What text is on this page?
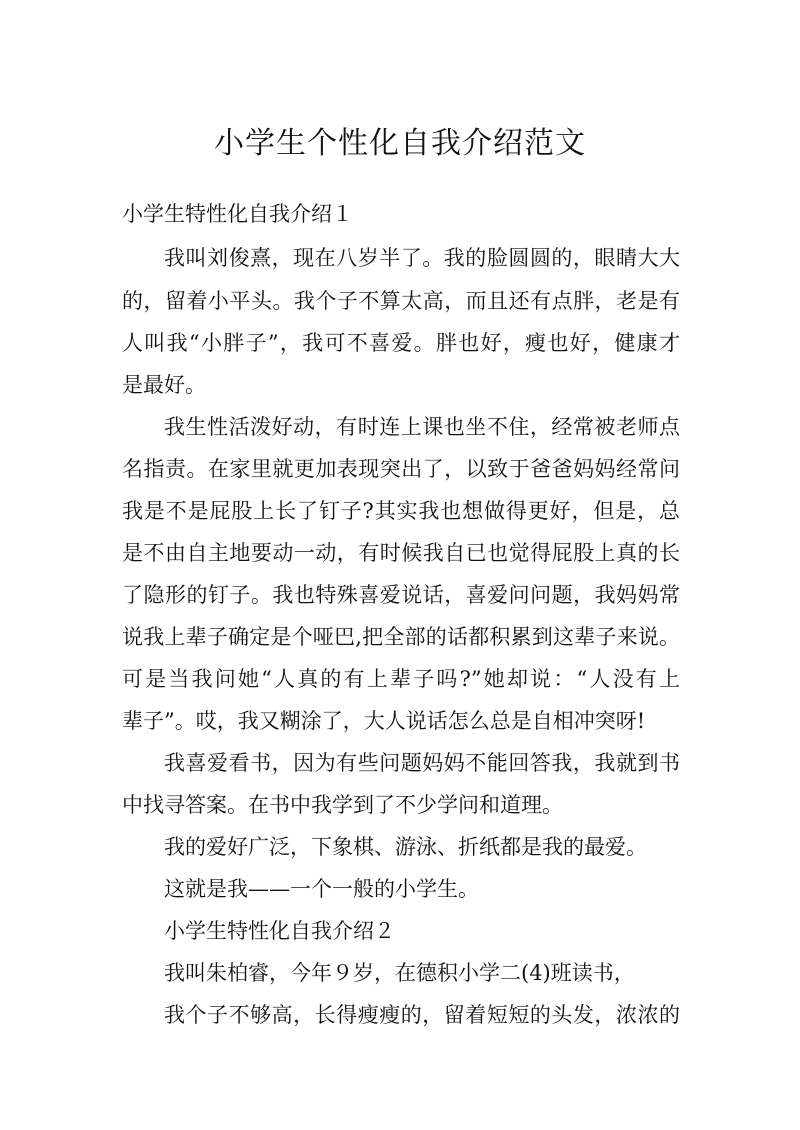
小学生个性化自我介绍范文
小学生特性化自我介绍１
我叫刘俊熹，现在八岁半了。我的脸圆圆的，眼睛大大
的，留着小平头。我个子不算太高，而且还有点胖，老是有
人叫我“小胖子”，我可不喜爱。胖也好，瘦也好，健康才
是最好。
我生性活泼好动，有时连上课也坐不住，经常被老师点
名指责。在家里就更加表现突出了，以致于爸爸妈妈经常问
我是不是屁股上长了钉子?其实我也想做得更好，但是，总
是不由自主地要动一动，有时候我自已也觉得屁股上真的长
了隐形的钉子。我也特殊喜爱说话，喜爱问问题，我妈妈常
说我上辈子确定是个哑巴,把全部的话都积累到这辈子来说。
可是当我问她“人真的有上辈子吗?”她却说：“人没有上
辈子”。哎，我又糊涂了，大人说话怎么总是自相冲突呀!
我喜爱看书，因为有些问题妈妈不能回答我，我就到书
中找寻答案。在书中我学到了不少学问和道理。
我的爱好广泛，下象棋、游泳、折纸都是我的最爱。
这就是我——一个一般的小学生。
小学生特性化自我介绍２
我叫朱柏睿，今年９岁，在德积小学二(4)班读书，
我个子不够高，长得瘦瘦的，留着短短的头发，浓浓的
